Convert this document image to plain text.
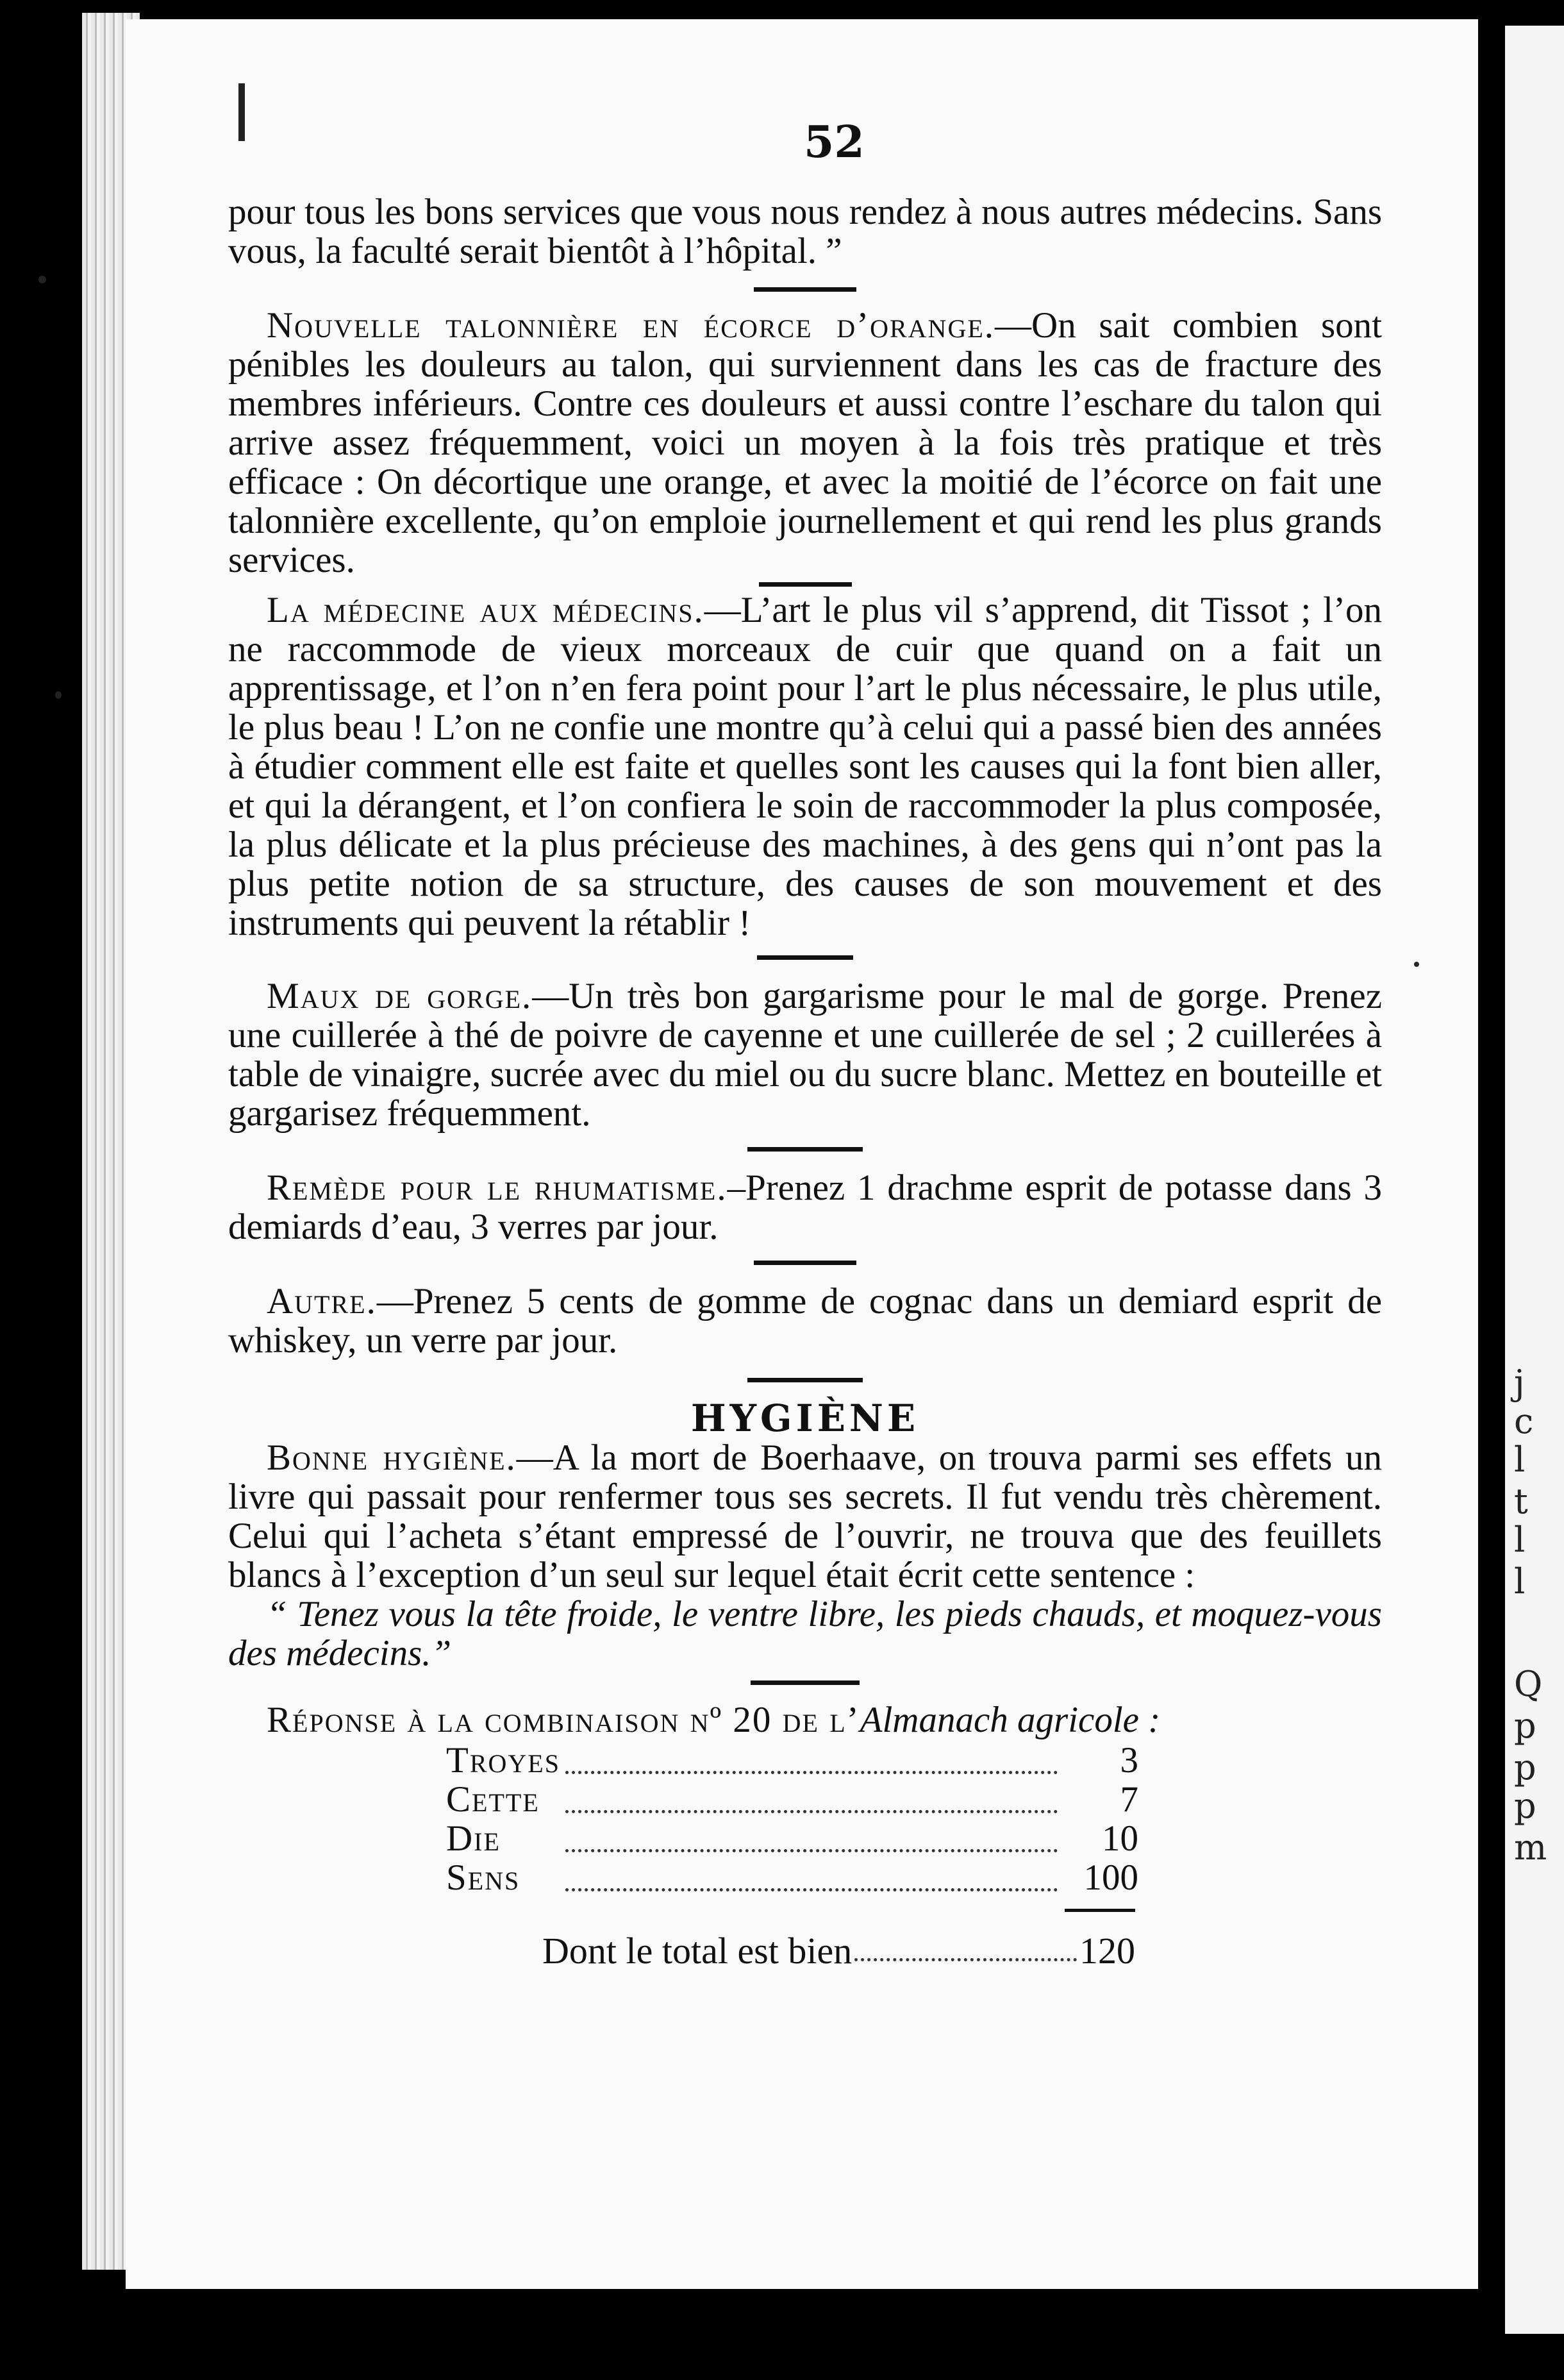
j
c
l
t
l
l
Q
p
p
p
m
52

pour tous les bons services que vous nous rendez à nous autres médecins. Sans vous, la faculté serait bientôt à l’hôpital. ”

Nouvelle talonnière en écorce d’orange.—On sait combien sont pénibles les douleurs au talon, qui surviennent dans les cas de fracture des membres inférieurs. Contre ces douleurs et aussi contre l’eschare du talon qui arrive assez fréquemment, voici un moyen à la fois très pratique et très efficace : On décortique une orange, et avec la moitié de l’écorce on fait une talonnière excellente, qu’on emploie journellement et qui rend les plus grands services.

La médecine aux médecins.—L’art le plus vil s’apprend, dit Tissot ; l’on ne raccommode de vieux morceaux de cuir que quand on a fait un apprentissage, et l’on n’en fera point pour l’art le plus nécessaire, le plus utile, le plus beau ! L’on ne confie une montre qu’à celui qui a passé bien des années à étudier comment elle est faite et quelles sont les causes qui la font bien aller, et qui la dérangent, et l’on confiera le soin de raccommoder la plus composée, la plus délicate et la plus précieuse des machines, à des gens qui n’ont pas la plus petite notion de sa structure, des causes de son mouvement et des instruments qui peuvent la rétablir !

Maux de gorge.—Un très bon gargarisme pour le mal de gorge. Prenez une cuillerée à thé de poivre de cayenne et une cuillerée de sel ; 2 cuillerées à table de vinaigre, sucrée avec du miel ou du sucre blanc. Mettez en bouteille et gargarisez fréquemment.

Remède pour le rhumatisme.–Prenez 1 drachme esprit de potasse dans 3 demiards d’eau, 3 verres par jour.

Autre.—Prenez 5 cents de gomme de cognac dans un demiard esprit de whiskey, un verre par jour.

HYGIÈNE

Bonne hygiène.—A la mort de Boerhaave, on trouva parmi ses effets un livre qui passait pour renfermer tous ses secrets. Il fut vendu très chèrement. Celui qui l’acheta s’étant empressé de l’ouvrir, ne trouva que des feuillets blancs à l’exception d’un seul sur lequel était écrit cette sentence :

“ Tenez vous la tête froide, le ventre libre, les pieds chauds, et moquez-vous des médecins.”

Réponse à la combinaison nº 20 de l’Almanach agricole :

Troyes		3
Cette		7
Die		10
Sens		100
Dont le total est bien	120
